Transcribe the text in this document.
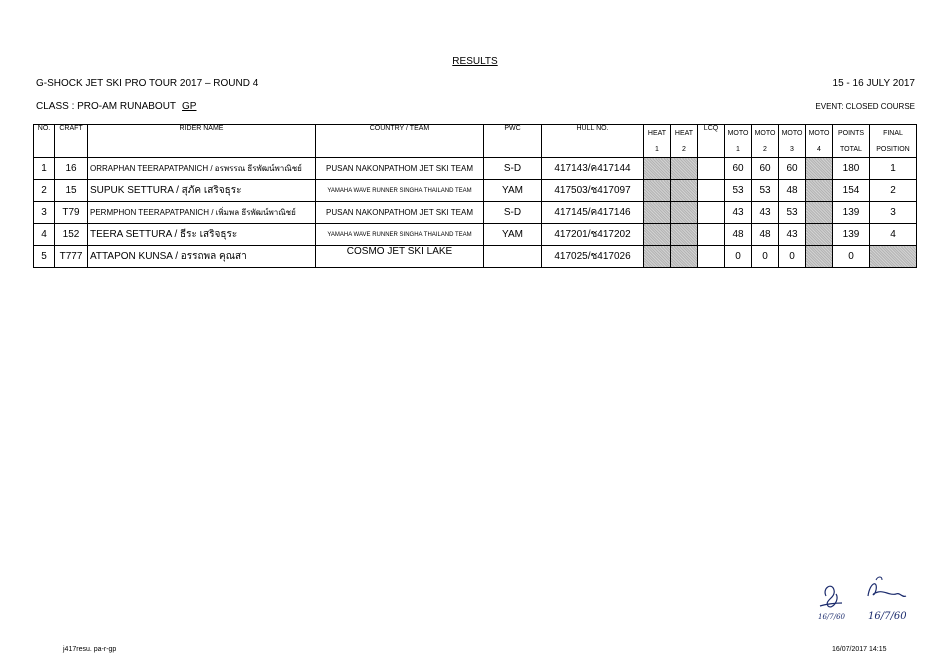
RESULTS
G-SHOCK JET SKI PRO TOUR 2017 – ROUND 4	15 - 16 JULY 2017
CLASS : PRO-AM RUNABOUT GP	EVENT: CLOSED COURSE
NO.	CRAFT	RIDER NAME	COUNTRY / TEAM	PWC	HULL NO.	HEAT	HEAT	LCQ	MOTO	MOTO	MOTO	MOTO	POINTS	FINAL
						1	2		1	2	3	4	TOTAL	POSITION
1	16	ORRAPHAN TEERAPATPANICH / อรพรรณ ธีรพัฒน์พาณิชย์	PUSAN NAKONPATHOM JET SKI TEAM	S-D	417143/ค417144				60	60	60		180	1
2	15	SUPUK SETTURA / สุภัค เสริจธุระ	YAMAHA WAVE RUNNER SINGHA THAILAND TEAM	YAM	417503/ช417097				53	53	48		154	2
3	T79	PERMPHON TEERAPATPANICH / เพิ่มพล ธีรพัฒน์พาณิชย์	PUSAN NAKONPATHOM JET SKI TEAM	S-D	417145/ค417146				43	43	53		139	3
4	152	TEERA SETTURA / ธีระ เสริจธุระ	YAMAHA WAVE RUNNER SINGHA THAILAND TEAM	YAM	417201/ช417202				48	48	43		139	4
5	T777	ATTAPON KUNSA / อรรถพล คุณสา	COSMO JET SKI LAKE		417025/ช417026				0	0	0		0	
16/7/60 16/7/60
j417resu. pa-r-gp	16/07/2017 14:15
